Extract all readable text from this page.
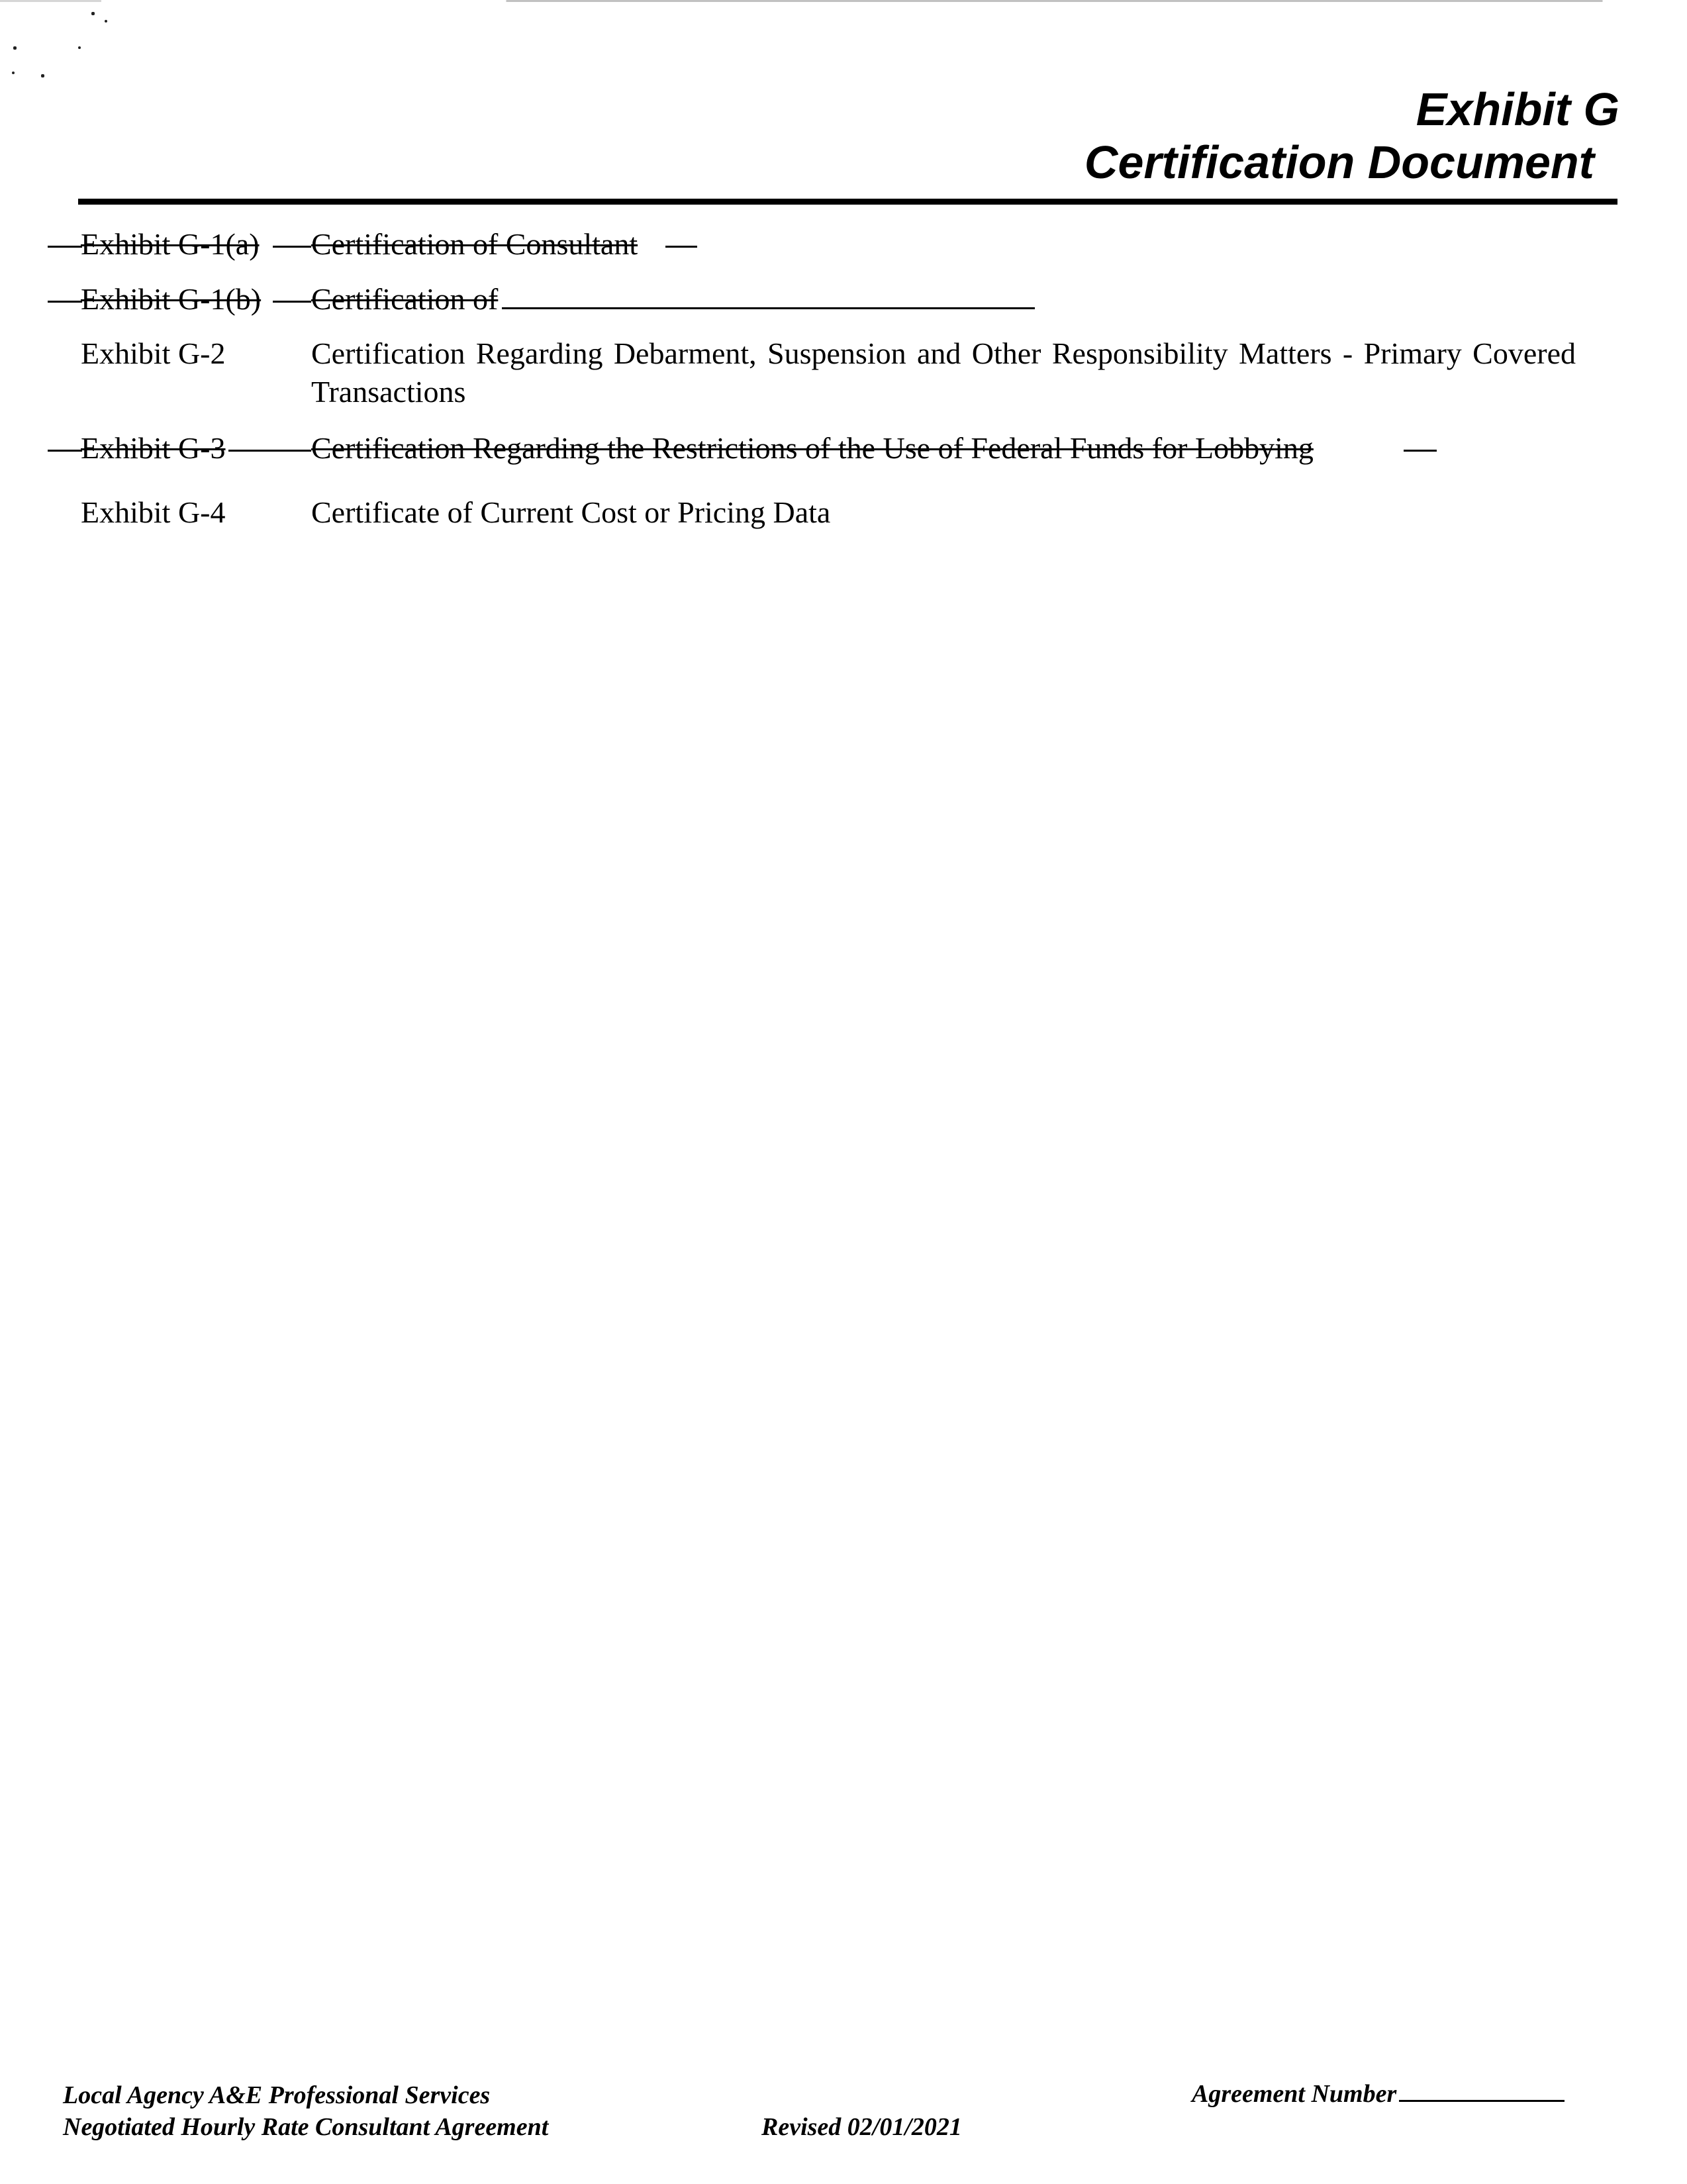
Exhibit G
Certification Document
Exhibit G-1(a) Certification of Consultant
Exhibit G-1(b) Certification of
Exhibit G-2	Certification Regarding Debarment, Suspension and Other Responsibility Matters - Primary Covered Transactions
Exhibit G-3	Certification Regarding the Restrictions of the Use of Federal Funds for Lobbying
Exhibit G-4	Certificate of Current Cost or Pricing Data
Local Agency A&E Professional Services
Negotiated Hourly Rate Consultant Agreement	Revised 02/01/2021
Agreement Number
